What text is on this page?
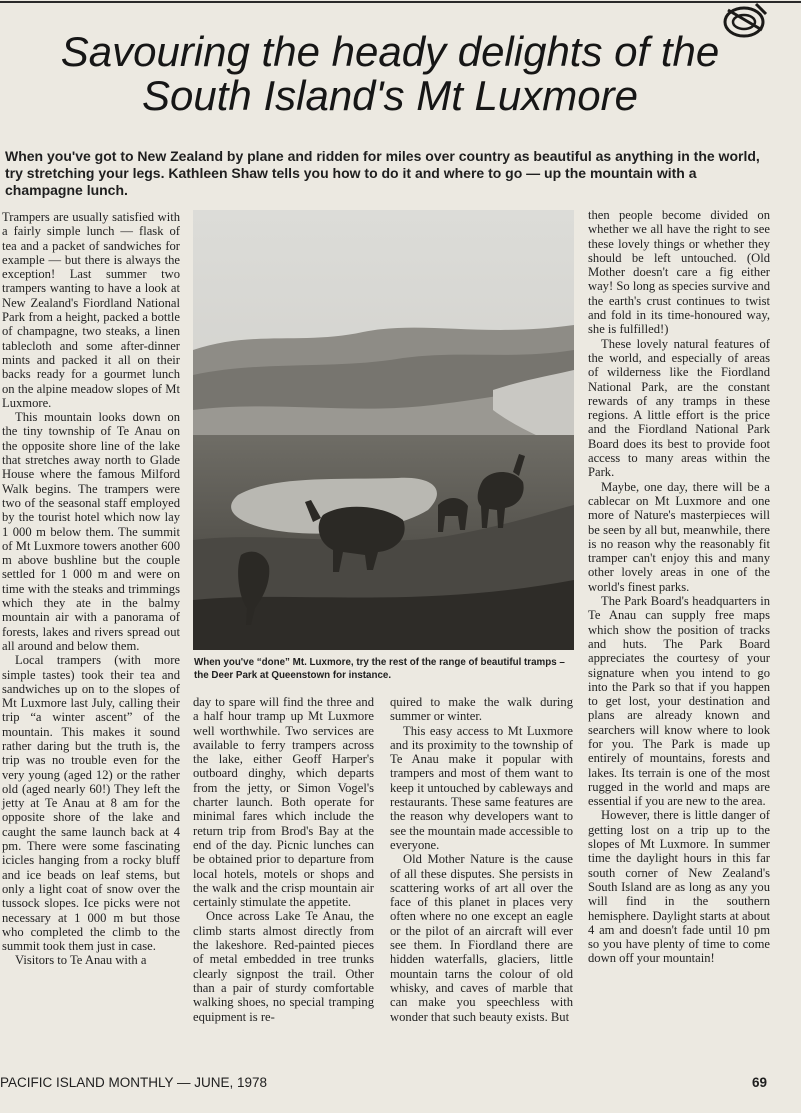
Savouring the heady delights of the
South Island's Mt Luxmore

When you've got to New Zealand by plane and ridden for miles over country as beautiful as anything in the world, try stretching your legs. Kathleen Shaw tells you how to do it and where to go — up the mountain with a champagne lunch.

Trampers are usually satisfied with a fairly simple lunch — flask of tea and a packet of sandwiches for example — but there is always the exception! Last summer two trampers wanting to have a look at New Zealand's Fiordland National Park from a height, packed a bottle of champagne, two steaks, a linen tablecloth and some after-dinner mints and packed it all on their backs ready for a gourmet lunch on the alpine meadow slopes of Mt Luxmore.

This mountain looks down on the tiny township of Te Anau on the opposite shore line of the lake that stretches away north to Glade House where the famous Milford Walk begins. The trampers were two of the seasonal staff employed by the tourist hotel which now lay 1 000 m below them. The summit of Mt Luxmore towers another 600 m above bushline but the couple settled for 1 000 m and were on time with the steaks and trimmings which they ate in the balmy mountain air with a panorama of forests, lakes and rivers spread out all around and below them.

Local trampers (with more simple tastes) took their tea and sandwiches up on to the slopes of Mt Luxmore last July, calling their trip “a winter ascent” of the mountain. This makes it sound rather daring but the truth is, the trip was no trouble even for the very young (aged 12) or the rather old (aged nearly 60!) They left the jetty at Te Anau at 8 am for the opposite shore of the lake and caught the same launch back at 4 pm. There were some fascinating icicles hanging from a rocky bluff and ice beads on leaf stems, but only a light coat of snow over the tussock slopes. Ice picks were not necessary at 1 000 m but those who completed the climb to the summit took them just in case.

Visitors to Te Anau with a

When you've “done” Mt. Luxmore, try the rest of the range of beautiful tramps – the Deer Park at Queenstown for instance.

day to spare will find the three and a half hour tramp up Mt Luxmore well worthwhile. Two services are available to ferry trampers across the lake, either Geoff Harper's outboard dinghy, which departs from the jetty, or Simon Vogel's charter launch. Both operate for minimal fares which include the return trip from Brod's Bay at the end of the day. Picnic lunches can be obtained prior to departure from local hotels, motels or shops and the walk and the crisp mountain air certainly stimulate the appetite.

Once across Lake Te Anau, the climb starts almost directly from the lakeshore. Red-painted pieces of metal embedded in tree trunks clearly signpost the trail. Other than a pair of sturdy comfortable walking shoes, no special tramping equipment is re-

quired to make the walk during summer or winter.

This easy access to Mt Luxmore and its proximity to the township of Te Anau make it popular with trampers and most of them want to keep it untouched by cableways and restaurants. These same features are the reason why developers want to see the mountain made accessible to everyone.

Old Mother Nature is the cause of all these disputes. She persists in scattering works of art all over the face of this planet in places very often where no one except an eagle or the pilot of an aircraft will ever see them. In Fiordland there are hidden waterfalls, glaciers, little mountain tarns the colour of old whisky, and caves of marble that can make you speechless with wonder that such beauty exists. But

then people become divided on whether we all have the right to see these lovely things or whether they should be left untouched. (Old Mother doesn't care a fig either way! So long as species survive and the earth's crust continues to twist and fold in its time-honoured way, she is fulfilled!)

These lovely natural features of the world, and especially of areas of wilderness like the Fiordland National Park, are the constant rewards of any tramps in these regions. A little effort is the price and the Fiordland National Park Board does its best to provide foot access to many areas within the Park.

Maybe, one day, there will be a cablecar on Mt Luxmore and one more of Nature's masterpieces will be seen by all but, meanwhile, there is no reason why the reasonably fit tramper can't enjoy this and many other lovely areas in one of the world's finest parks.

The Park Board's headquarters in Te Anau can supply free maps which show the position of tracks and huts. The Park Board appreciates the courtesy of your signature when you intend to go into the Park so that if you happen to get lost, your destination and plans are already known and searchers will know where to look for you. The Park is made up entirely of mountains, forests and lakes. Its terrain is one of the most rugged in the world and maps are essential if you are new to the area.

However, there is little danger of getting lost on a trip up to the slopes of Mt Luxmore. In summer time the daylight hours in this far south corner of New Zealand's South Island are as long as any you will find in the southern hemisphere. Daylight starts at about 4 am and doesn't fade until 10 pm so you have plenty of time to come down off your mountain!

PACIFIC ISLAND MONTHLY — JUNE, 1978	69
